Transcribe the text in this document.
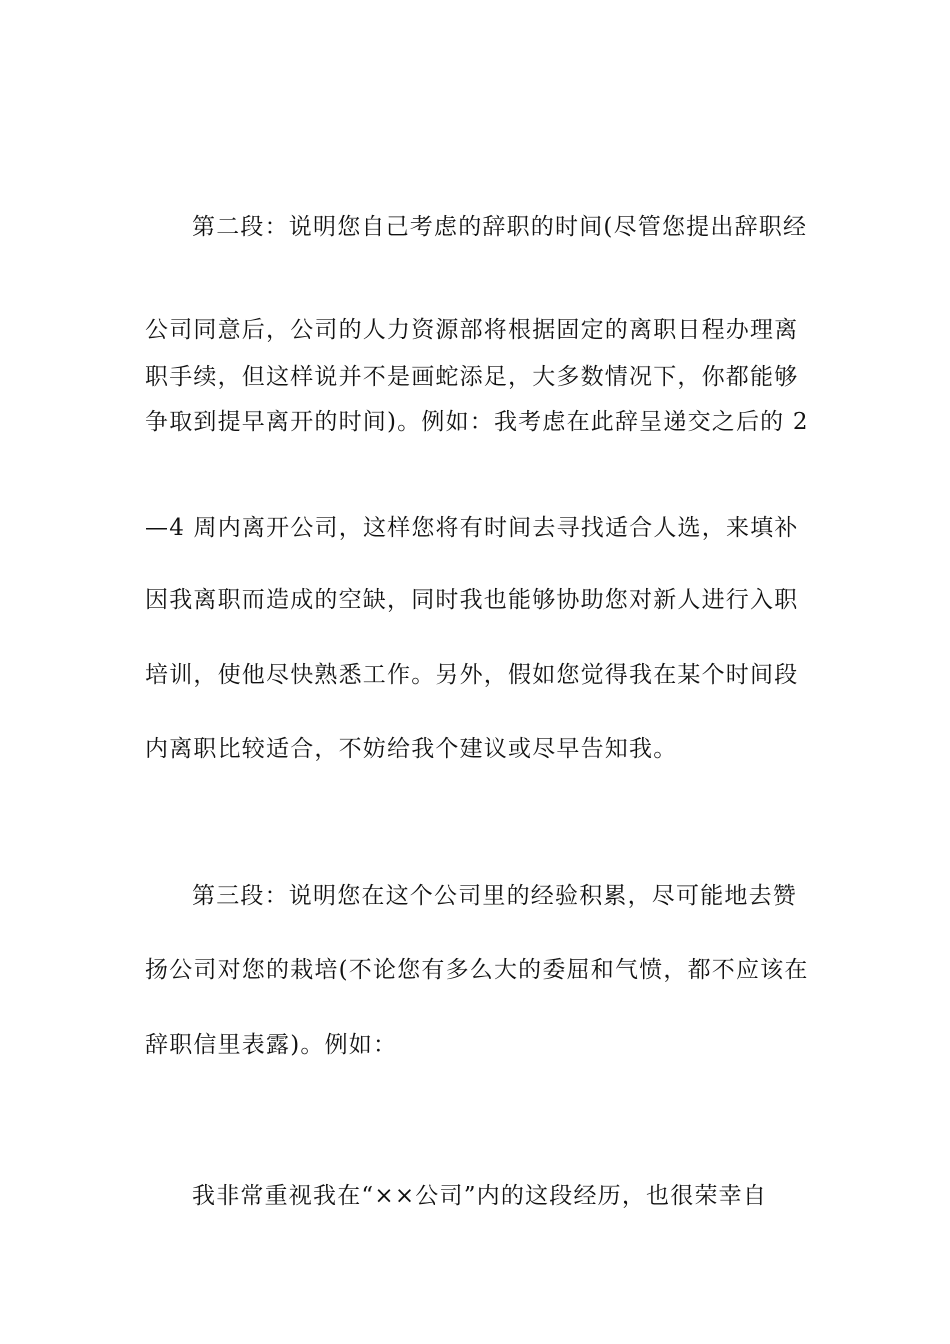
第二段：说明您自己考虑的辞职的时间(尽管您提出辞职经
公司同意后，公司的人力资源部将根据固定的离职日程办理离
职手续，但这样说并不是画蛇添足，大多数情况下，你都能够
争取到提早离开的时间)。例如：我考虑在此辞呈递交之后的 2
—4 周内离开公司，这样您将有时间去寻找适合人选，来填补
因我离职而造成的空缺，同时我也能够协助您对新人进行入职
培训，使他尽快熟悉工作。另外，假如您觉得我在某个时间段
内离职比较适合，不妨给我个建议或尽早告知我。
第三段：说明您在这个公司里的经验积累，尽可能地去赞
扬公司对您的栽培(不论您有多么大的委屈和气愤，都不应该在
辞职信里表露)。例如：
我非常重视我在“××公司”内的这段经历，也很荣幸自
